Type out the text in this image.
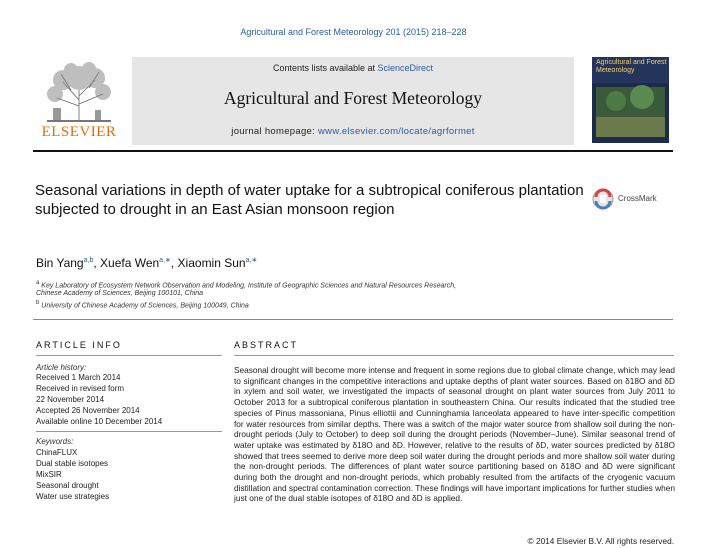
Agricultural and Forest Meteorology 201 (2015) 218–228
ELSEVIER
Contents lists available at ScienceDirect
Agricultural and Forest Meteorology
journal homepage: www.elsevier.com/locate/agrformet
Agricultural and Forest Meteorology
Seasonal variations in depth of water uptake for a subtropical coniferous plantation subjected to drought in an East Asian monsoon region
CrossMark
Bin Yang$^{a,b}$, Xuefa Wen$^{a,∗}$, Xiaomin Sun$^{a,∗}$
$^a$ Key Laboratory of Ecosystem Network Observation and Modeling, Institute of Geographic Sciences and Natural Resources Research,
Chinese Academy of Sciences, Beijing 100101, China
$^b$ University of Chinese Academy of Sciences, Beijing 100049, China
ARTICLE INFO	ABSTRACT
Article history:
Received 1 March 2014
Received in revised form
22 November 2014
Accepted 26 November 2014
Available online 10 December 2014
Keywords:
ChinaFLUX
Dual stable isotopes
MixSIR
Seasonal drought
Water use strategies
Seasonal drought will become more intense and frequent in some regions due to global climate change, which may lead to significant changes in the competitive interactions and uptake depths of plant water sources. Based on δ18O and δD in xylem and soil water, we investigated the impacts of seasonal drought on plant water sources from July 2011 to October 2013 for a subtropical coniferous plantation in southeastern China. Our results indicated that the studied tree species of Pinus massoniana, Pinus elliottii and Cunninghamia lanceolata appeared to have inter-specific competition for water resources from similar depths. There was a switch of the major water source from shallow soil during the non-drought periods (July to October) to deep soil during the drought periods (November–June). Similar seasonal trend of water uptake was estimated by δ18O and δD. However, relative to the results of δD, water sources predicted by δ18O showed that trees seemed to derive more deep soil water during the drought periods and more shallow soil water during the non-drought periods. The differences of plant water source partitioning based on δ18O and δD were significant during both the drought and non-drought periods, which probably resulted from the artifacts of the cryogenic vacuum distillation and spectral contamination correction. These findings will have important implications for further studies when just one of the dual stable isotopes of δ18O and δD is applied.
© 2014 Elsevier B.V. All rights reserved.
